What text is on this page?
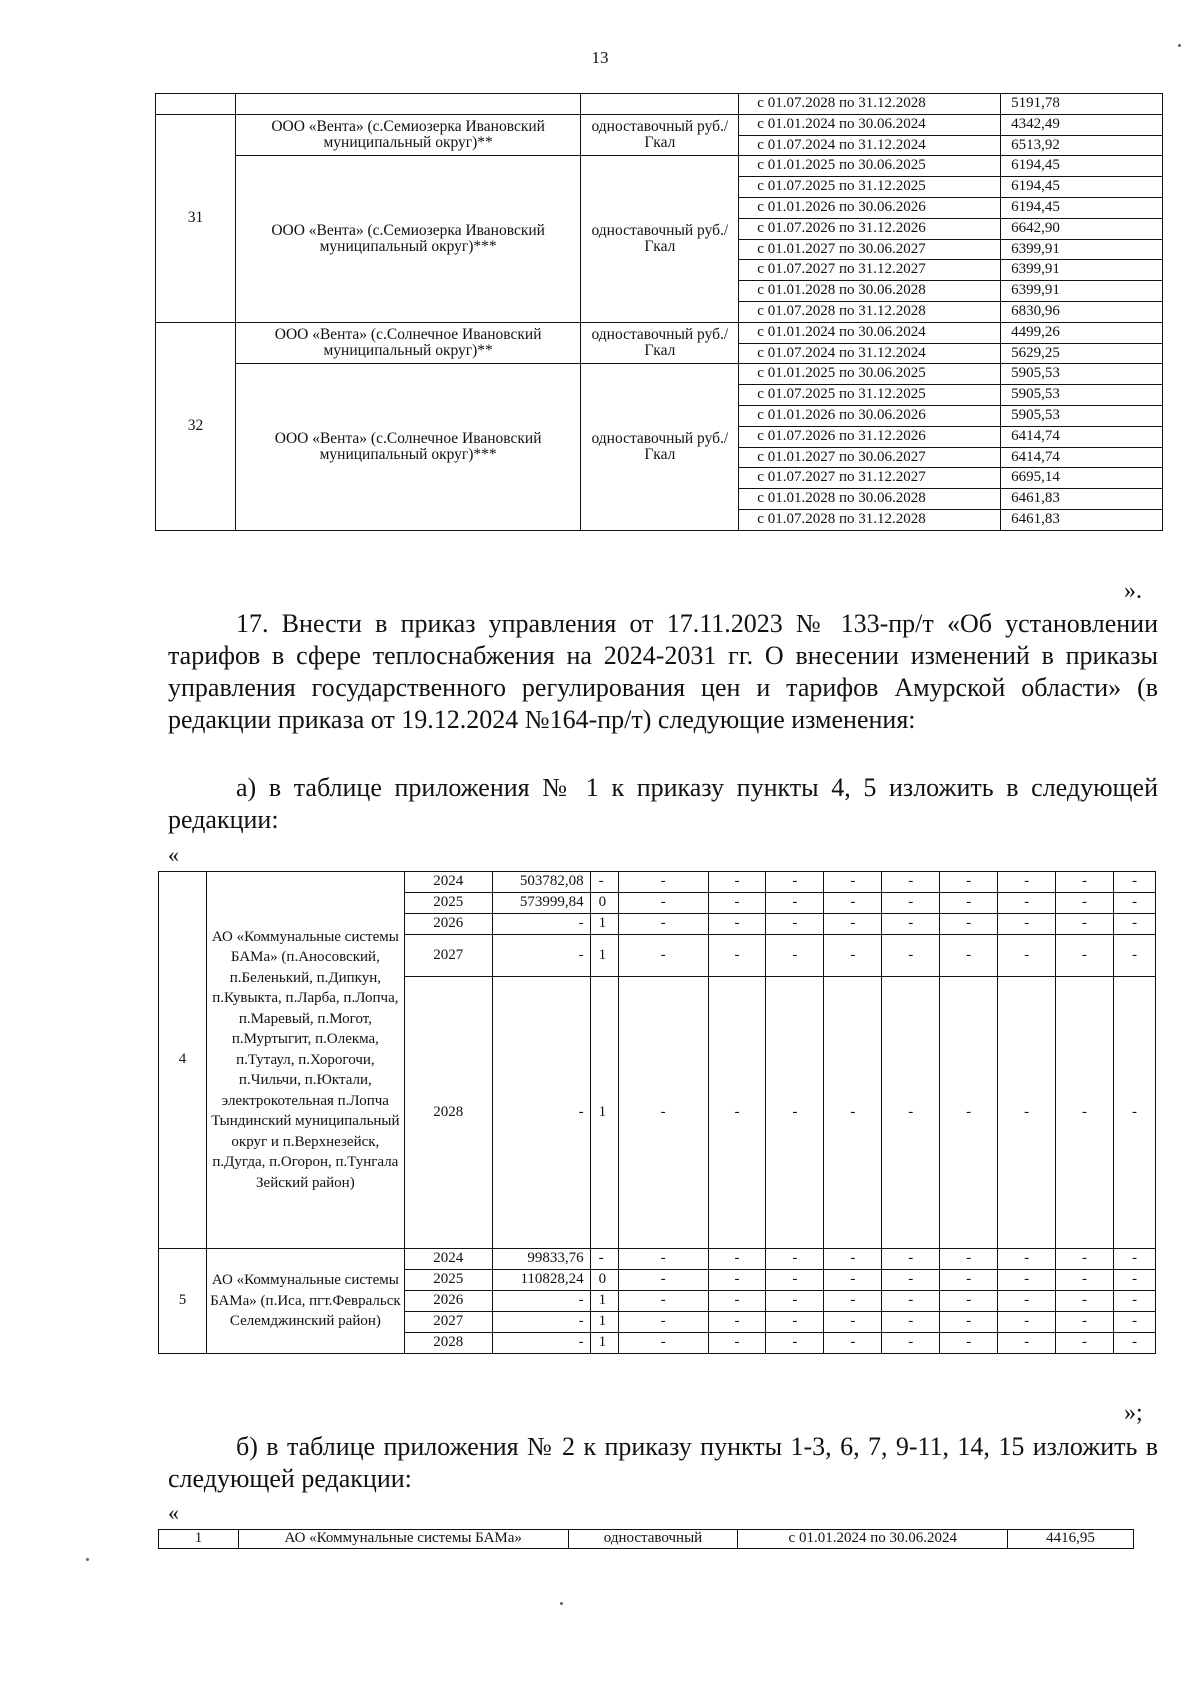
13
			с 01.07.2028 по 31.12.2028	5191,78
31	ООО «Вента» (с.Семиозерка Ивановский муниципальный округ)**	одноставочный руб./Гкал	с 01.01.2024 по 30.06.2024	4342,49
			с 01.07.2024 по 31.12.2024	6513,92
	ООО «Вента» (с.Семиозерка Ивановский муниципальный округ)***	одноставочный руб./Гкал	с 01.01.2025 по 30.06.2025	6194,45
			с 01.07.2025 по 31.12.2025	6194,45
			с 01.01.2026 по 30.06.2026	6194,45
			с 01.07.2026 по 31.12.2026	6642,90
			с 01.01.2027 по 30.06.2027	6399,91
			с 01.07.2027 по 31.12.2027	6399,91
			с 01.01.2028 по 30.06.2028	6399,91
			с 01.07.2028 по 31.12.2028	6830,96
32	ООО «Вента» (с.Солнечное Ивановский муниципальный округ)**	одноставочный руб./Гкал	с 01.01.2024 по 30.06.2024	4499,26
			с 01.07.2024 по 31.12.2024	5629,25
	ООО «Вента» (с.Солнечное Ивановский муниципальный округ)***	одноставочный руб./Гкал	с 01.01.2025 по 30.06.2025	5905,53
			с 01.07.2025 по 31.12.2025	5905,53
			с 01.01.2026 по 30.06.2026	5905,53
			с 01.07.2026 по 31.12.2026	6414,74
			с 01.01.2027 по 30.06.2027	6414,74
			с 01.07.2027 по 31.12.2027	6695,14
			с 01.01.2028 по 30.06.2028	6461,83
			с 01.07.2028 по 31.12.2028	6461,83
».
17. Внести в приказ управления от 17.11.2023 № 133-пр/т «Об установлении тарифов в сфере теплоснабжения на 2024-2031 гг. О внесении изменений в приказы управления государственного регулирования цен и тарифов Амурской области» (в редакции приказа от 19.12.2024 №164-пр/т) следующие изменения:
а) в таблице приложения № 1 к приказу пункты 4, 5 изложить в следующей редакции:
«
4	АО «Коммунальные системы БАМа» (п.Аносовский, п.Беленький, п.Дипкун, п.Кувыкта, п.Ларба, п.Лопча, п.Маревый, п.Могот, п.Муртыгит, п.Олекма, п.Тутаул, п.Хорогочи, п.Чильчи, п.Юктали, электрокотельная п.Лопча Тындинский муниципальный округ и п.Верхнезейск, п.Дугда, п.Огорон, п.Тунгала Зейский район)	2024	503782,08	-	-	-	-	-	-	-	-	-	-
		2025	573999,84	0	-	-	-	-	-	-	-	-	-
		2026	-	1	-	-	-	-	-	-	-	-	-
		2027	-	1	-	-	-	-	-	-	-	-	-
		2028	-	1	-	-	-	-	-	-	-	-	-
5	АО «Коммунальные системы БАМа» (п.Иса, пгт.Февральск Селемджинский район)	2024	99833,76	-	-	-	-	-	-	-	-	-	-
		2025	110828,24	0	-	-	-	-	-	-	-	-	-
		2026	-	1	-	-	-	-	-	-	-	-	-
		2027	-	1	-	-	-	-	-	-	-	-	-
		2028	-	1	-	-	-	-	-	-	-	-	-
»;
б) в таблице приложения № 2 к приказу пункты 1-3, 6, 7, 9-11, 14, 15 изложить в следующей редакции:
«
1	АО «Коммунальные системы БАМа»	одноставочный	с 01.01.2024 по 30.06.2024	4416,95
